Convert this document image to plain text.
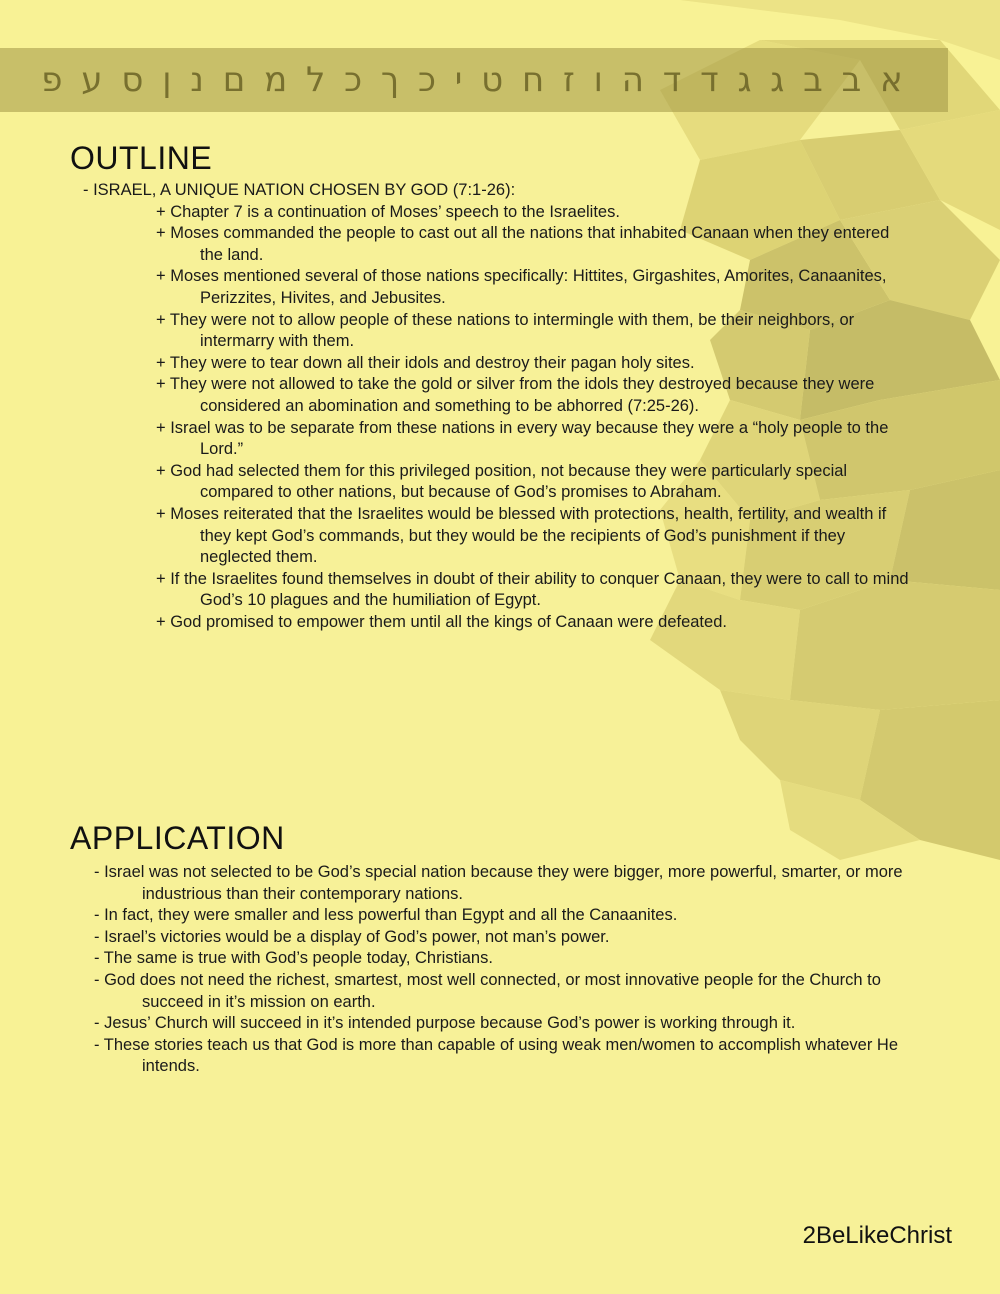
א ב ב ג ג ד ד ה ו ז ח ט י כ ך כ ל מ ם נ ן ס ע פ
OUTLINE
- ISRAEL, A UNIQUE NATION CHOSEN BY GOD (7:1-26):
+ Chapter 7 is a continuation of Moses’ speech to the Israelites.
+ Moses commanded the people to cast out all the nations that inhabited Canaan when they entered the land.
+ Moses mentioned several of those nations specifically: Hittites, Girgashites, Amorites, Canaanites, Perizzites, Hivites, and Jebusites.
+ They were not to allow people of these nations to intermingle with them, be their neighbors, or intermarry with them.
+ They were to tear down all their idols and destroy their pagan holy sites.
+ They were not allowed to take the gold or silver from the idols they destroyed because they were considered an abomination and something to be abhorred (7:25-26).
+ Israel was to be separate from these nations in every way because they were a “holy people to the Lord.”
+ God had selected them for this privileged position, not because they were particularly special compared to other nations, but because of God’s promises to Abraham.
+ Moses reiterated that the Israelites would be blessed with protections, health, fertility, and wealth if they kept God’s commands, but they would be the recipients of God’s punishment if they neglected them.
+ If the Israelites found themselves in doubt of their ability to conquer Canaan, they were to call to mind God’s 10 plagues and the humiliation of Egypt.
+ God promised to empower them until all the kings of Canaan were defeated.
APPLICATION
- Israel was not selected to be God’s special nation because they were bigger, more powerful, smarter, or more industrious than their contemporary nations.
- In fact, they were smaller and less powerful than Egypt and all the Canaanites.
- Israel’s victories would be a display of God’s power, not man’s power.
- The same is true with God’s people today, Christians.
- God does not need the richest, smartest, most well connected, or most innovative people for the Church to succeed in it’s mission on earth.
- Jesus’ Church will succeed in it’s intended purpose because God’s power is working through it.
- These stories teach us that God is more than capable of using weak men/women to accomplish whatever He intends.
2BeLikeChrist
